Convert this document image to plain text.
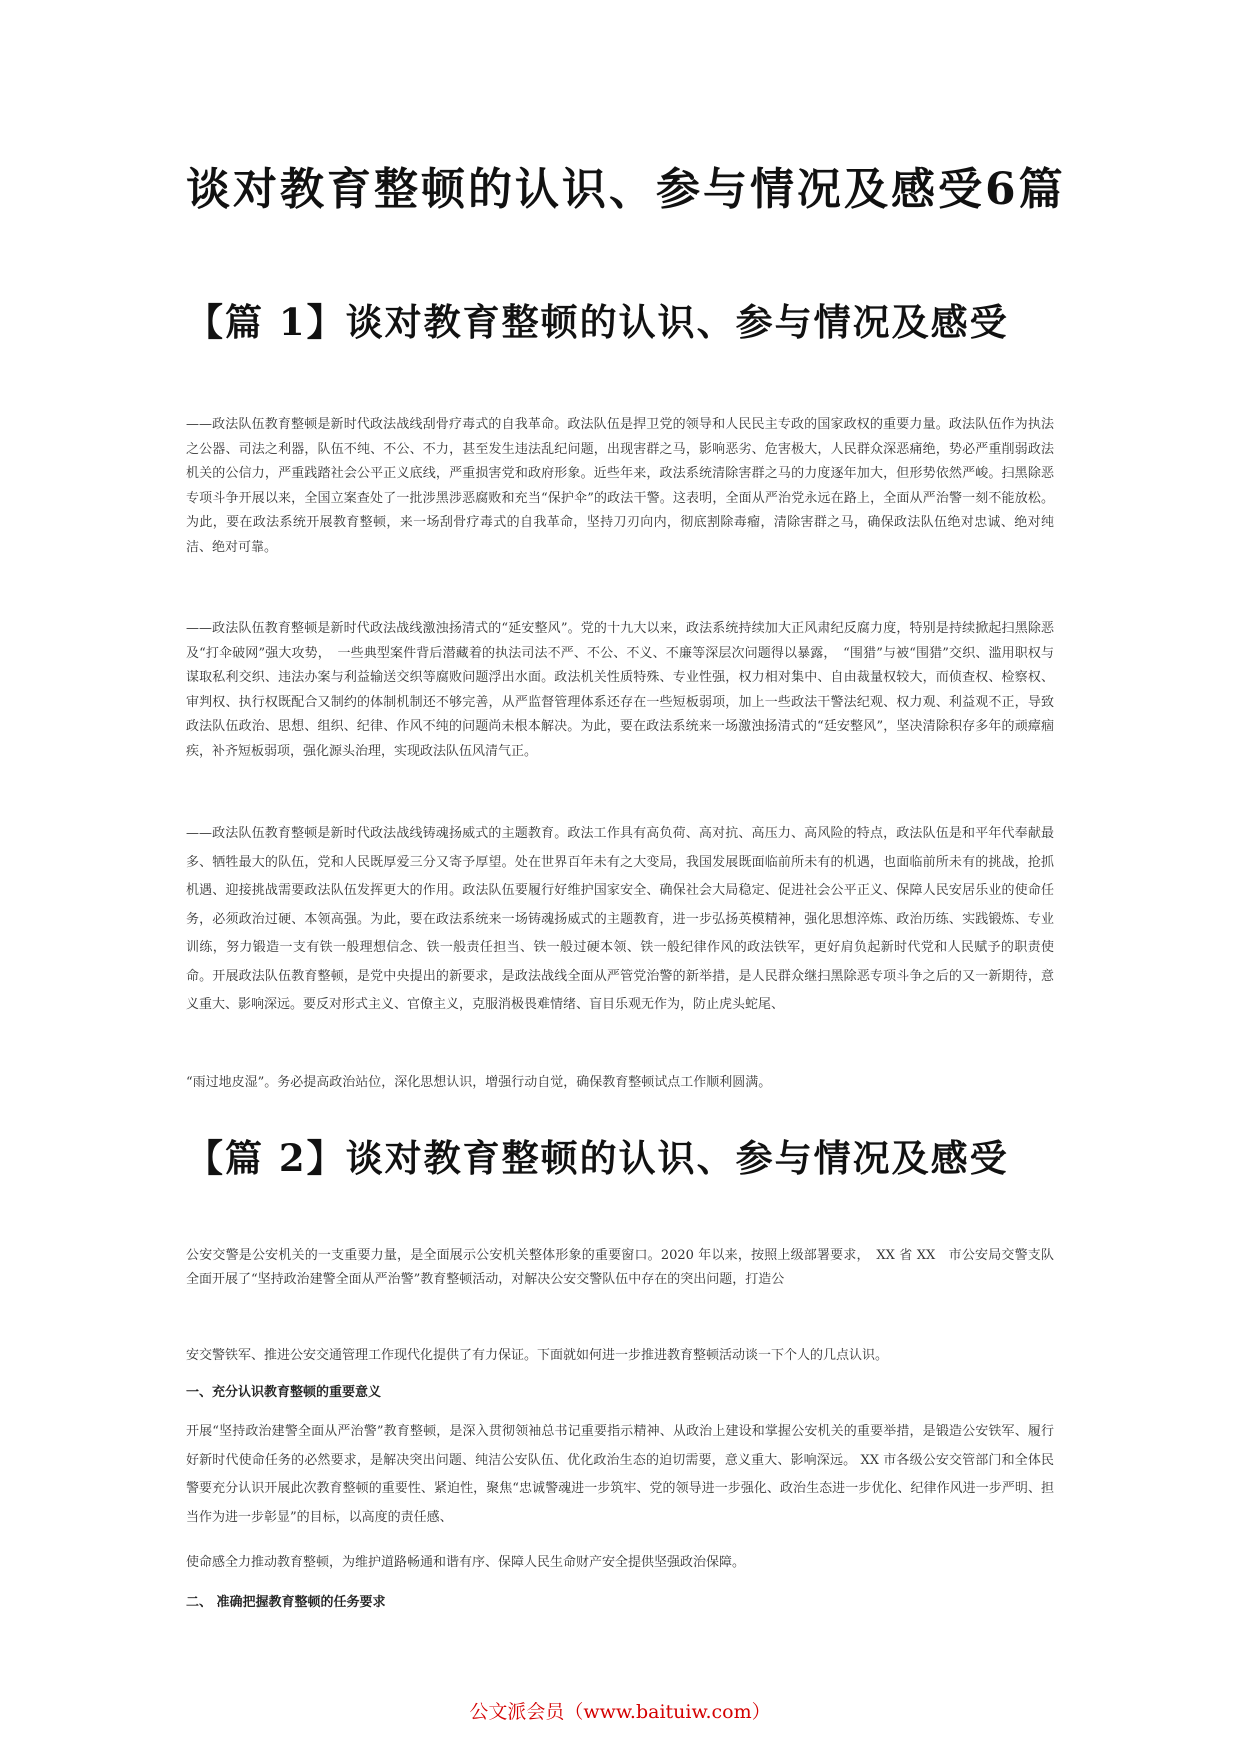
谈对教育整顿的认识、参与情况及感受6篇
【篇 1】谈对教育整顿的认识、参与情况及感受

——政法队伍教育整顿是新时代政法战线刮骨疗毒式的自我革命。政法队伍是捍卫党的领导和人民民主专政的国家政权的重要力量。政法队伍作为执法之公器、司法之利器，队伍不纯、不公、不力，甚至发生违法乱纪问题，出现害群之马，影响恶劣、危害极大，人民群众深恶痛绝，势必严重削弱政法机关的公信力，严重践踏社会公平正义底线，严重损害党和政府形象。近些年来，政法系统清除害群之马的力度逐年加大，但形势依然严峻。扫黑除恶专项斗争开展以来，全国立案查处了一批涉黑涉恶腐败和充当“保护伞”的政法干警。这表明，全面从严治党永远在路上，全面从严治警一刻不能放松。为此，要在政法系统开展教育整顿，来一场刮骨疗毒式的自我革命，坚持刀刃向内，彻底割除毒瘤，清除害群之马，确保政法队伍绝对忠诚、绝对纯洁、绝对可靠。

——政法队伍教育整顿是新时代政法战线激浊扬清式的“延安整风”。党的十九大以来，政法系统持续加大正风肃纪反腐力度，特别是持续掀起扫黑除恶及“打伞破网”强大攻势，　一些典型案件背后潜藏着的执法司法不严、不公、不义、不廉等深层次问题得以暴露，　“围猎”与被“围猎”交织、滥用职权与谋取私利交织、违法办案与利益输送交织等腐败问题浮出水面。政法机关性质特殊、专业性强，权力相对集中、自由裁量权较大，而侦查权、检察权、审判权、执行权既配合又制约的体制机制还不够完善，从严监督管理体系还存在一些短板弱项，加上一些政法干警法纪观、权力观、利益观不正，导致政法队伍政治、思想、组织、纪律、作风不纯的问题尚未根本解决。为此，要在政法系统来一场激浊扬清式的“廷安整风”，坚决清除积存多年的顽瘴痼疾，补齐短板弱项，强化源头治理，实现政法队伍风清气正。

——政法队伍教育整顿是新时代政法战线铸魂扬威式的主题教育。政法工作具有高负荷、高对抗、高压力、高风险的特点，政法队伍是和平年代奉献最多、牺牲最大的队伍，党和人民既厚爱三分又寄予厚望。处在世界百年未有之大变局，我国发展既面临前所未有的机遇，也面临前所未有的挑战，抢抓机遇、迎接挑战需要政法队伍发挥更大的作用。政法队伍要履行好维护国家安全、确保社会大局稳定、促进社会公平正义、保障人民安居乐业的使命任务，必须政治过硬、本领高强。为此，要在政法系统来一场铸魂扬威式的主题教育，进一步弘扬英模精神，强化思想淬炼、政治历练、实践锻炼、专业训练，努力锻造一支有铁一般理想信念、铁一般责任担当、铁一般过硬本领、铁一般纪律作风的政法铁军，更好肩负起新时代党和人民赋予的职责使命。开展政法队伍教育整顿，是党中央提出的新要求，是政法战线全面从严管党治警的新举措，是人民群众继扫黑除恶专项斗争之后的又一新期待，意义重大、影响深远。要反对形式主义、官僚主义，克服消极畏难情绪、盲目乐观无作为，防止虎头蛇尾、

“雨过地皮湿”。务必提高政治站位，深化思想认识，增强行动自觉，确保教育整顿试点工作顺利圆满。

【篇 2】谈对教育整顿的认识、参与情况及感受

公安交警是公安机关的一支重要力量，是全面展示公安机关整体形象的重要窗口。2020 年以来，按照上级部署要求，　XX 省 XX　市公安局交警支队全面开展了“坚持政治建警全面从严治警”教育整顿活动，对解决公安交警队伍中存在的突出问题，打造公

安交警铁军、推进公安交通管理工作现代化提供了有力保证。下面就如何进一步推进教育整顿活动谈一下个人的几点认识。

一、充分认识教育整顿的重要意义

开展“坚持政治建警全面从严治警”教育整顿，是深入贯彻领袖总书记重要指示精神、从政治上建设和掌握公安机关的重要举措，是锻造公安铁军、履行好新时代使命任务的必然要求，是解决突出问题、纯洁公安队伍、优化政治生态的迫切需要，意义重大、影响深远。 XX 市各级公安交管部门和全体民警要充分认识开展此次教育整顿的重要性、紧迫性，聚焦“忠诚警魂进一步筑牢、党的领导进一步强化、政治生态进一步优化、纪律作风进一步严明、担当作为进一步彰显”的目标，以高度的责任感、

使命感全力推动教育整顿，为维护道路畅通和谐有序、保障人民生命财产安全提供坚强政治保障。

二、 准确把握教育整顿的任务要求

公文派会员（www.baituiw.com）
